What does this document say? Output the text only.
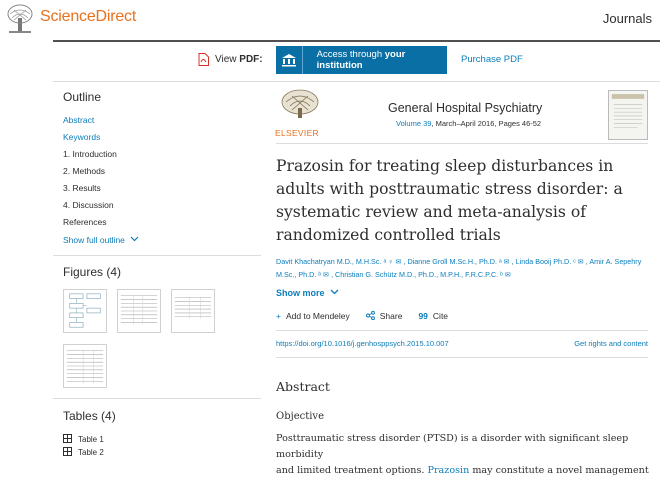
ScienceDirect	Journals
View PDF:	Access through your institution
Purchase PDF
Outline
Abstract
Keywords
1. Introduction
2. Methods
3. Results
4. Discussion
References
Show full outline
Figures (4)
Tables (4)
Table 1
Table 2
ELSEVIER
General Hospital Psychiatry
Volume 39, March–April 2016, Pages 46-52
Prazosin for treating sleep disturbances in adults with posttraumatic stress disorder: a systematic review and meta-analysis of randomized controlled trials
Davit Khachatryan M.D., M.H.Sc. ᵃ ♀ ✉ , Dianne Groll M.Sc.H., Ph.D. ᵃ ✉ , Linda Booij Ph.D. ᶜ ✉ , Amir A. Sepehry
M.Sc., Ph.D. ᵇ ✉ , Christian G. Schütz M.D., Ph.D., M.P.H., F.R.C.P.C. ᵇ ✉
Show more
+ Add to Mendeley	Share 99 Cite
https://doi.org/10.1016/j.genhosppsych.2015.10.007	Get rights and content
Abstract
Objective
Posttraumatic stress disorder (PTSD) is a disorder with significant sleep morbidity
and limited treatment options. Prazosin may constitute a novel management
